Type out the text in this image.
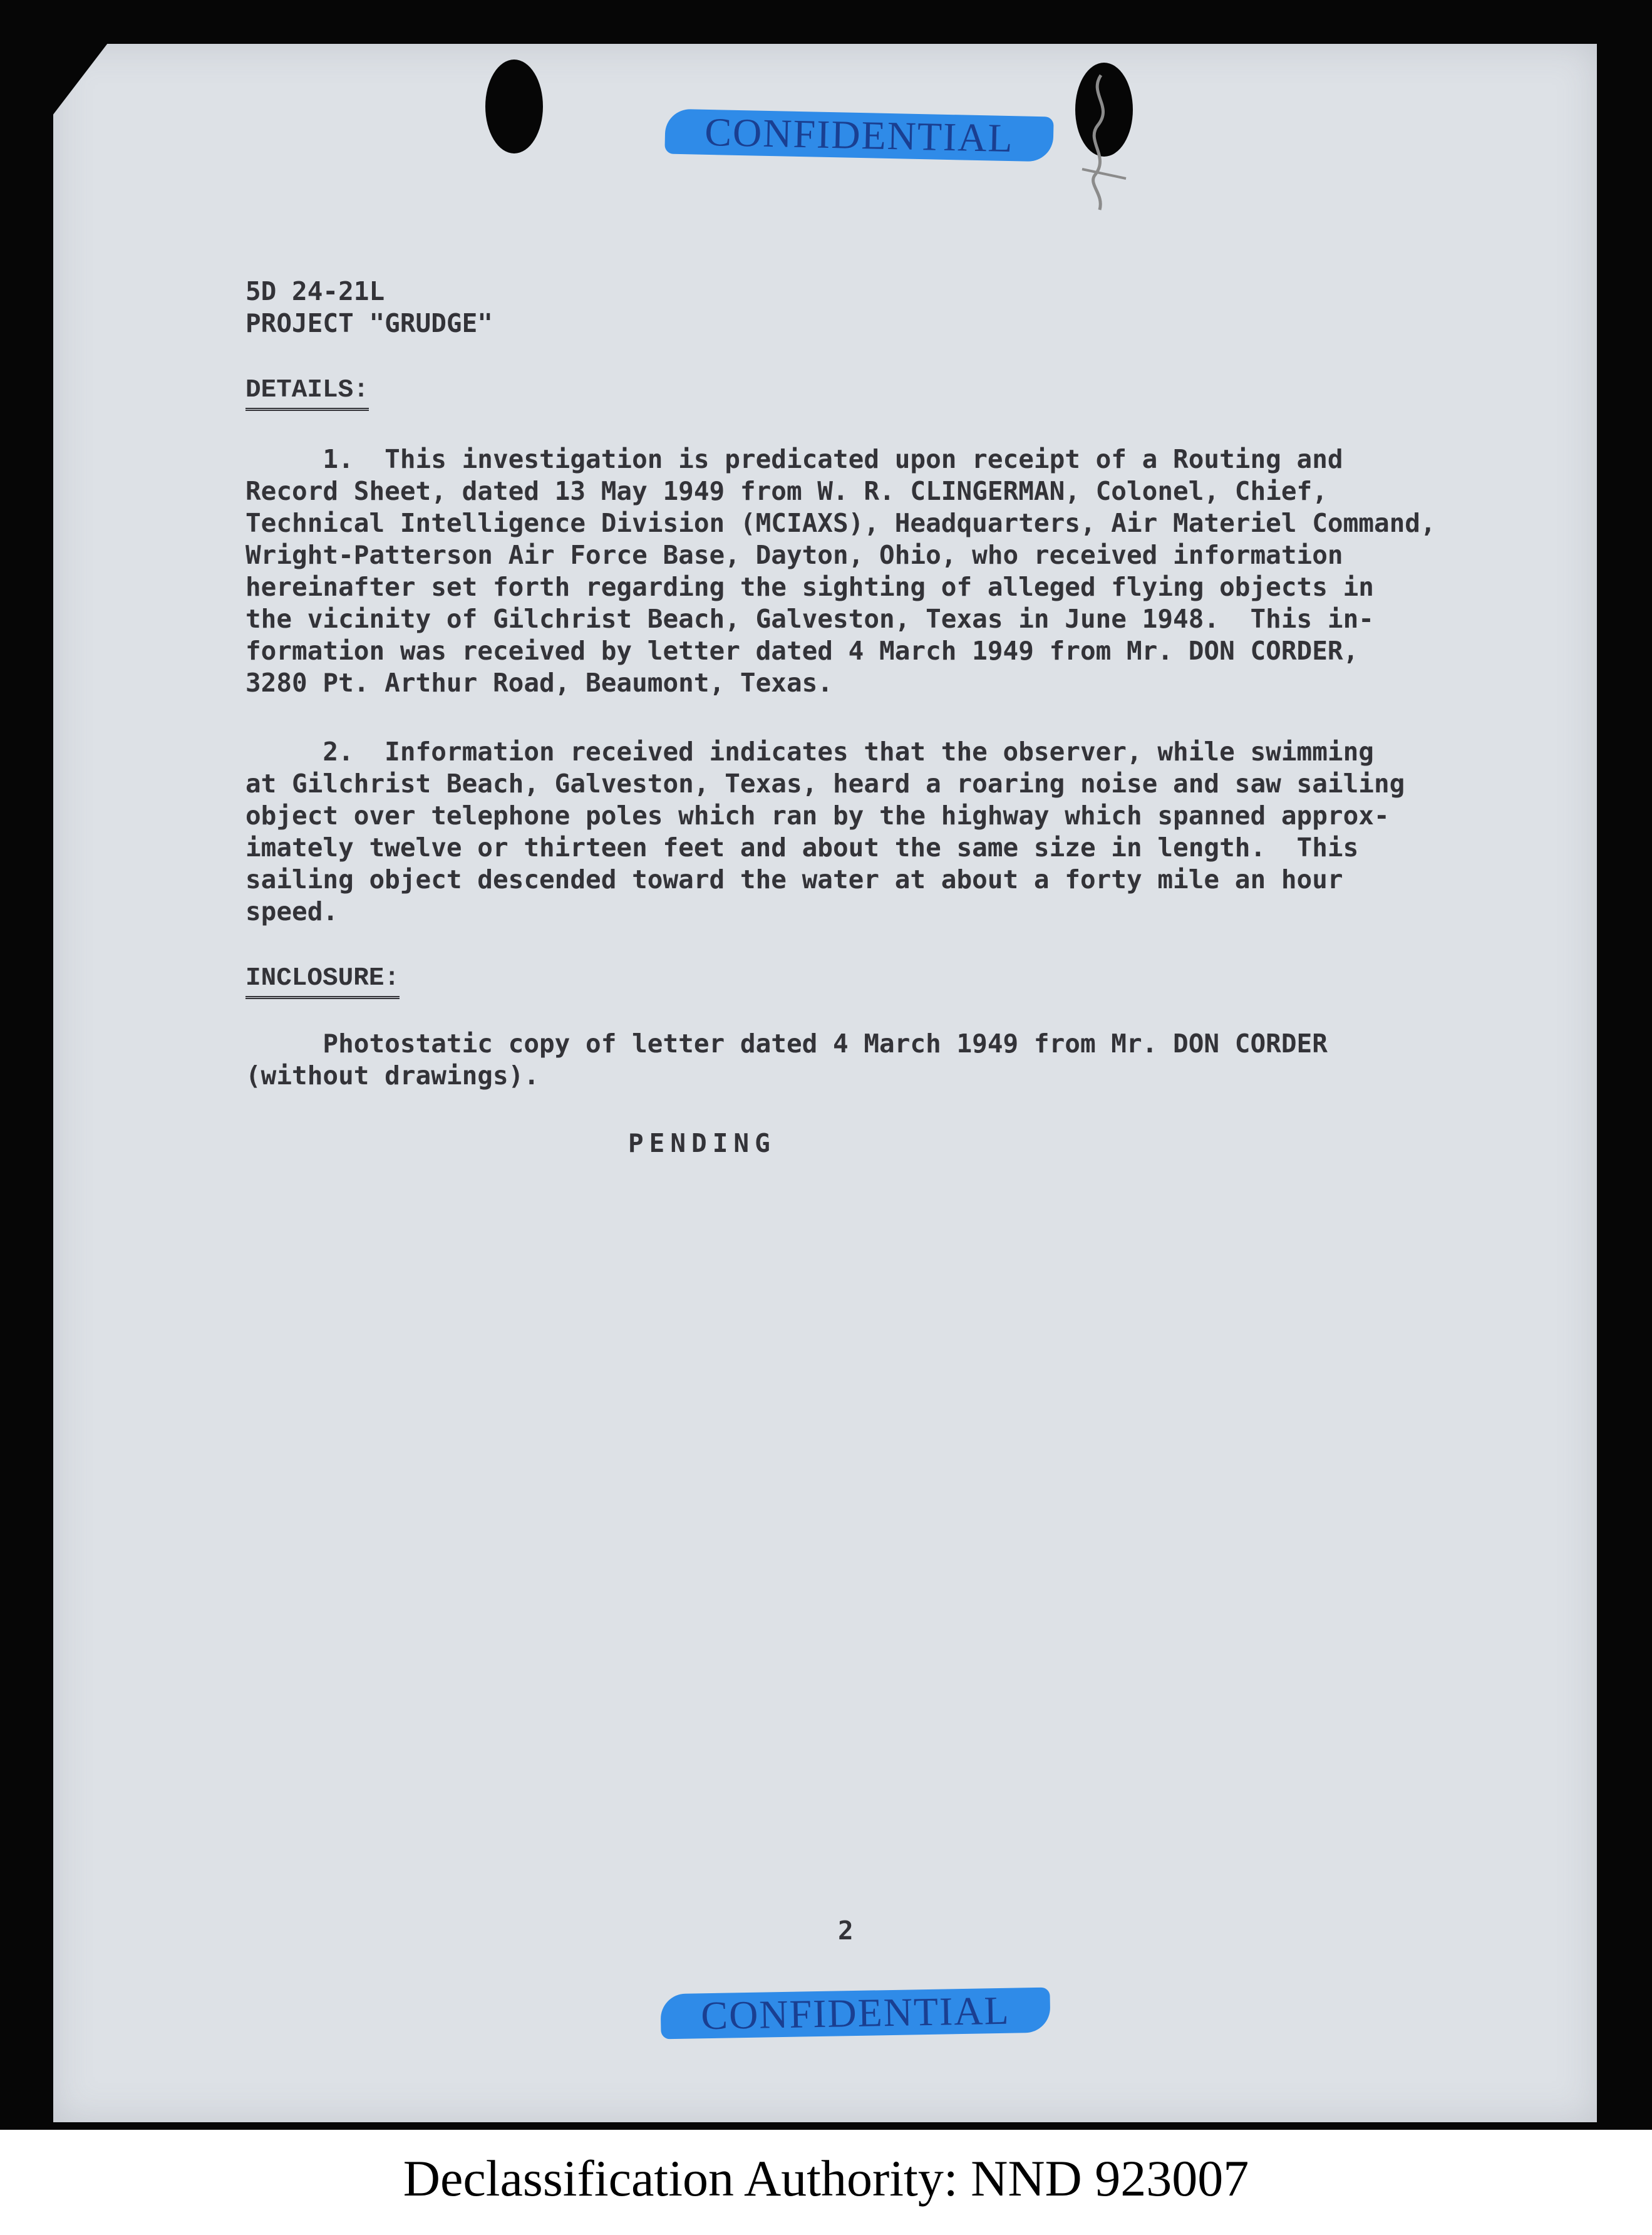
CONFIDENTIAL
5D 24-21L
PROJECT "GRUDGE"
DETAILS:
1.  This investigation is predicated upon receipt of a Routing and
Record Sheet, dated 13 May 1949 from W. R. CLINGERMAN, Colonel, Chief,
Technical Intelligence Division (MCIAXS), Headquarters, Air Materiel Command,
Wright-Patterson Air Force Base, Dayton, Ohio, who received information
hereinafter set forth regarding the sighting of alleged flying objects in
the vicinity of Gilchrist Beach, Galveston, Texas in June 1948.  This in-
formation was received by letter dated 4 March 1949 from Mr. DON CORDER,
3280 Pt. Arthur Road, Beaumont, Texas.
2.  Information received indicates that the observer, while swimming
at Gilchrist Beach, Galveston, Texas, heard a roaring noise and saw sailing
object over telephone poles which ran by the highway which spanned approx-
imately twelve or thirteen feet and about the same size in length.  This
sailing object descended toward the water at about a forty mile an hour
speed.
INCLOSURE:
Photostatic copy of letter dated 4 March 1949 from Mr. DON CORDER
(without drawings).
PENDING
2
CONFIDENTIAL
Declassification Authority: NND 923007
